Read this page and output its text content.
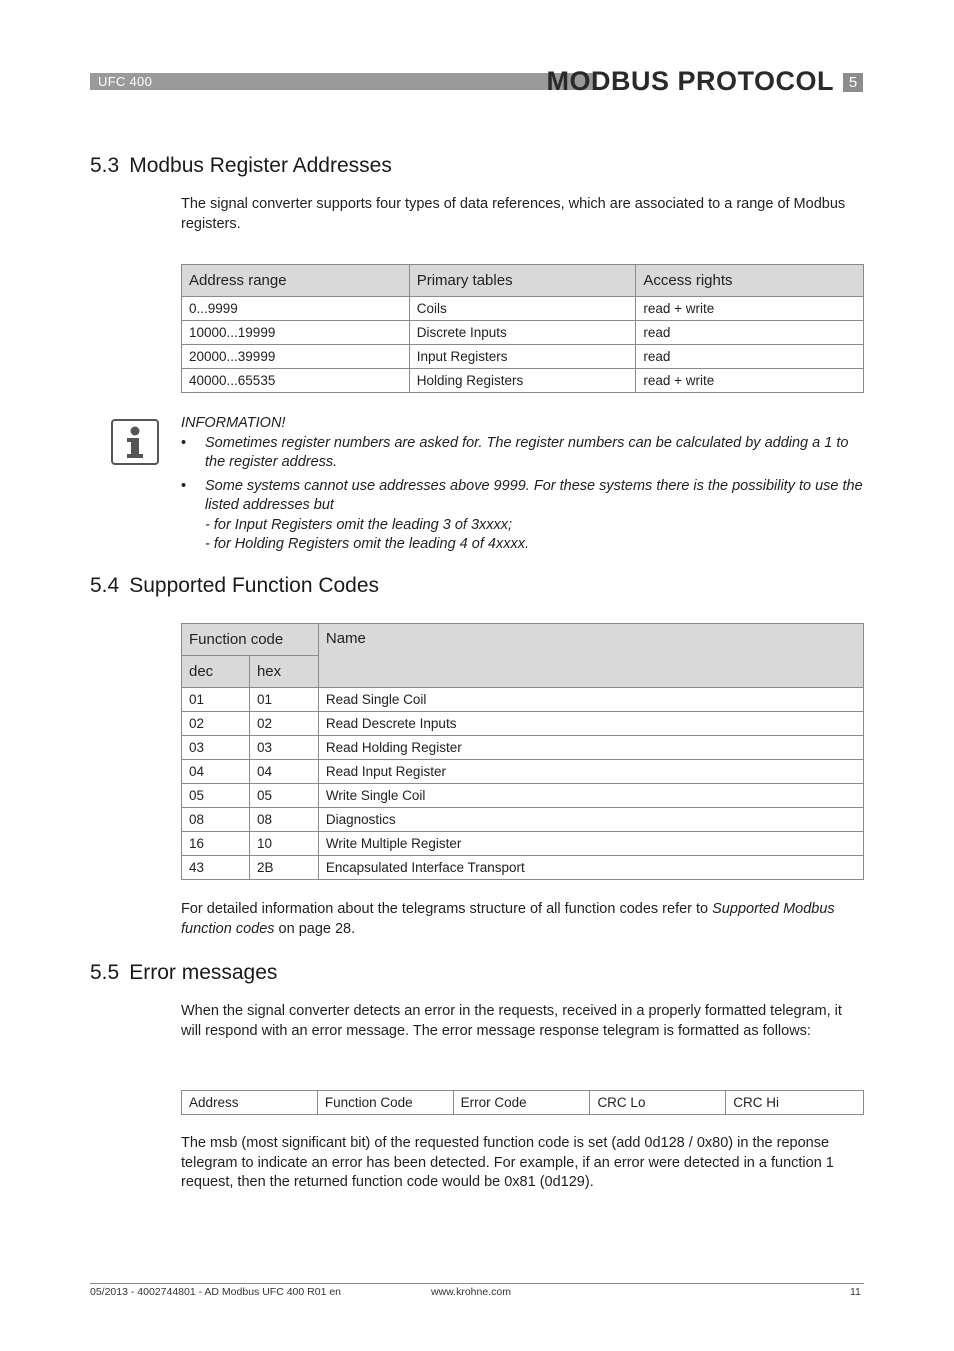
UFC 400	MODBUS PROTOCOL 5
5.3 Modbus Register Addresses
The signal converter supports four types of data references, which are associated to a range of Modbus registers.
Address range	Primary tables	Access rights
0...9999	Coils	read + write
10000...19999	Discrete Inputs	read
20000...39999	Input Registers	read
40000...65535	Holding Registers	read + write
INFORMATION!
• Sometimes register numbers are asked for. The register numbers can be calculated by adding a 1 to the register address.
• Some systems cannot use addresses above 9999. For these systems there is the possibility to use the listed addresses but
- for Input Registers omit the leading 3 of 3xxxx;
- for Holding Registers omit the leading 4 of 4xxxx.
5.4 Supported Function Codes
Function code		Name
dec	hex	
01	01	Read Single Coil
02	02	Read Descrete Inputs
03	03	Read Holding Register
04	04	Read Input Register
05	05	Write Single Coil
08	08	Diagnostics
16	10	Write Multiple Register
43	2B	Encapsulated Interface Transport
For detailed information about the telegrams structure of all function codes refer to Supported Modbus function codes on page 28.
5.5 Error messages
When the signal converter detects an error in the requests, received in a properly formatted telegram, it will respond with an error message. The error message response telegram is formatted as follows:
Address	Function Code	Error Code	CRC Lo	CRC Hi
The msb (most significant bit) of the requested function code is set (add 0d128 / 0x80) in the reponse telegram to indicate an error has been detected. For example, if an error were detected in a function 1 request, then the returned function code would be 0x81 (0d129).
05/2013 - 4002744801 - AD Modbus UFC 400 R01 en	www.krohne.com	11
